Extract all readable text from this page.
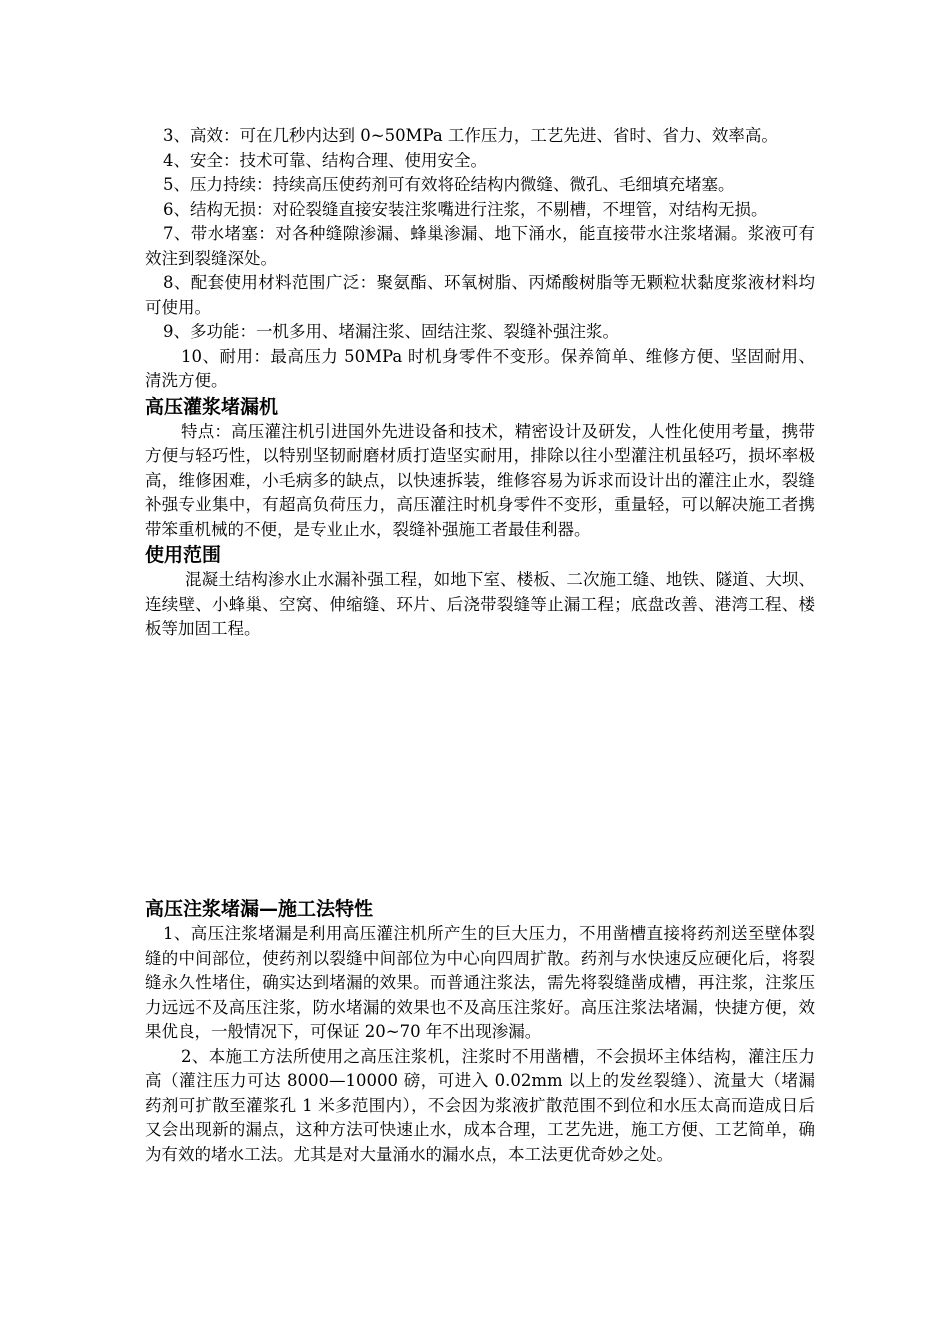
3、高效：可在几秒内达到 0~50MPa 工作压力，工艺先进、省时、省力、效率高。

4、安全：技术可靠、结构合理、使用安全。

5、压力持续：持续高压使药剂可有效将砼结构内微缝、微孔、毛细填充堵塞。

6、结构无损：对砼裂缝直接安装注浆嘴进行注浆，不剔槽，不埋管，对结构无损。

7、带水堵塞：对各种缝隙渗漏、蜂巢渗漏、地下涌水，能直接带水注浆堵漏。浆液可有效注到裂缝深处。

8、配套使用材料范围广泛：聚氨酯、环氧树脂、丙烯酸树脂等无颗粒状黏度浆液材料均可使用。

9、多功能：一机多用、堵漏注浆、固结注浆、裂缝补强注浆。

10、耐用：最高压力 50MPa 时机身零件不变形。保养简单、维修方便、坚固耐用、清洗方便。

高压灌浆堵漏机

特点：高压灌注机引进国外先进设备和技术，精密设计及研发，人性化使用考量，携带方便与轻巧性，以特别坚韧耐磨材质打造坚实耐用，排除以往小型灌注机虽轻巧，损坏率极高，维修困难，小毛病多的缺点，以快速拆装，维修容易为诉求而设计出的灌注止水，裂缝补强专业集中，有超高负荷压力，高压灌注时机身零件不变形，重量轻，可以解决施工者携带笨重机械的不便，是专业止水，裂缝补强施工者最佳利器。

使用范围

混凝土结构渗水止水漏补强工程，如地下室、楼板、二次施工缝、地铁、隧道、大坝、连续壁、小蜂巢、空窝、伸缩缝、环片、后浇带裂缝等止漏工程；底盘改善、港湾工程、楼板等加固工程。

高压注浆堵漏—施工法特性

1、高压注浆堵漏是利用高压灌注机所产生的巨大压力，不用凿槽直接将药剂送至壁体裂缝的中间部位，使药剂以裂缝中间部位为中心向四周扩散。药剂与水快速反应硬化后，将裂缝永久性堵住，确实达到堵漏的效果。而普通注浆法，需先将裂缝凿成槽，再注浆，注浆压力远远不及高压注浆，防水堵漏的效果也不及高压注浆好。高压注浆法堵漏，快捷方便，效果优良，一般情况下，可保证 20~70 年不出现渗漏。

2、本施工方法所使用之高压注浆机，注浆时不用凿槽，不会损坏主体结构，灌注压力高（灌注压力可达 8000—10000 磅，可进入 0.02mm 以上的发丝裂缝）、流量大（堵漏药剂可扩散至灌浆孔 1 米多范围内），不会因为浆液扩散范围不到位和水压太高而造成日后又会出现新的漏点，这种方法可快速止水，成本合理，工艺先进，施工方便、工艺简单，确为有效的堵水工法。尤其是对大量涌水的漏水点，本工法更优奇妙之处。
